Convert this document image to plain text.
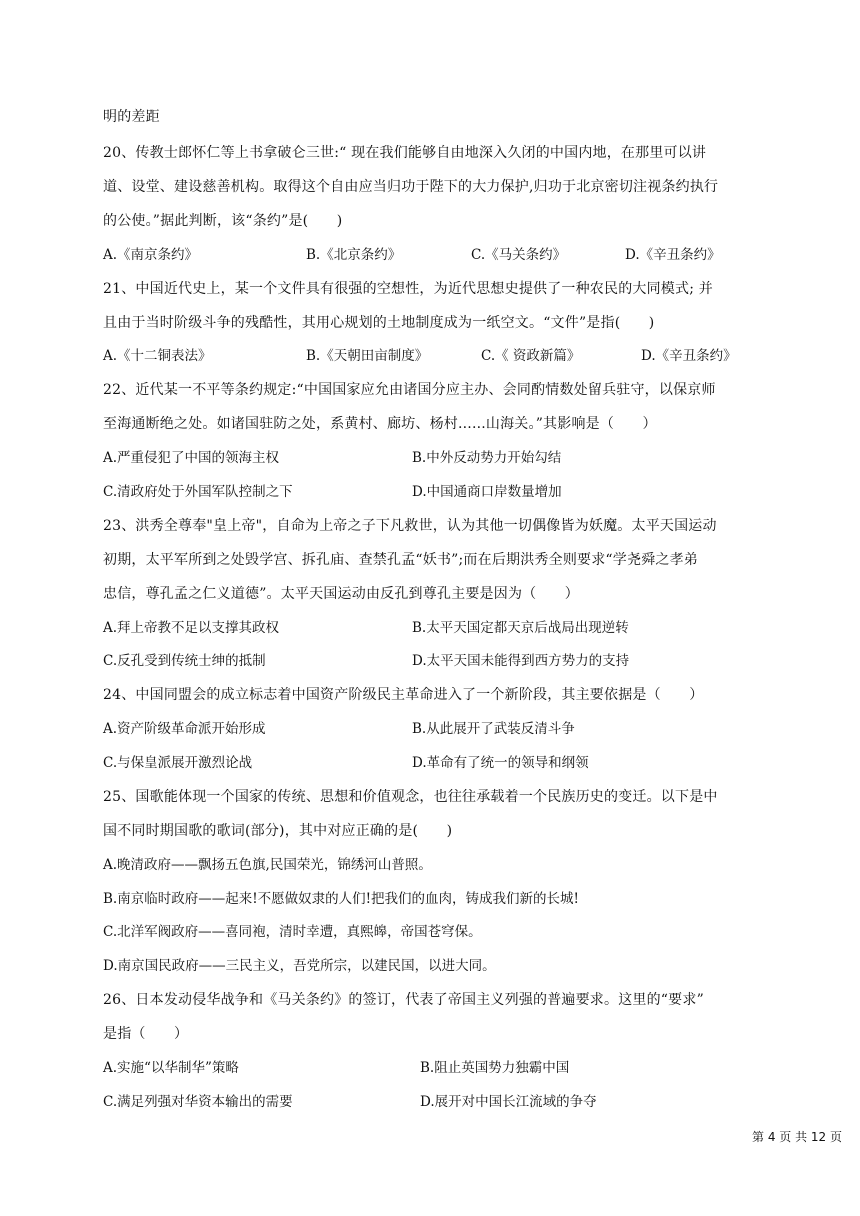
明的差距
20、传教士郎怀仁等上书拿破仑三世:“ 现在我们能够自由地深入久闭的中国内地，在那里可以讲
道、设堂、建设慈善机构。取得这个自由应当归功于陛下的大力保护,归功于北京密切注视条约执行
的公使。”据此判断，该“条约”是(　　)
A.《南京条约》	B.《北京条约》	C.《马关条约》	D.《辛丑条约》
21、中国近代史上，某一个文件具有很强的空想性，为近代思想史提供了一种农民的大同模式; 并
且由于当时阶级斗争的残酷性，其用心规划的土地制度成为一纸空文。“文件”是指(　　)
A.《十二铜表法》	B.《天朝田亩制度》	C.《 资政新篇》	D.《辛丑条约》
22、近代某一不平等条约规定:“中国国家应允由诸国分应主办、会同酌情数处留兵驻守，以保京师
至海通断绝之处。如诸国驻防之处，系黄村、廊坊、杨村......山海关。”其影响是（　　）
A.严重侵犯了中国的领海主权	B.中外反动势力开始勾结
C.清政府处于外国军队控制之下	D.中国通商口岸数量增加
23、洪秀全尊奉"皇上帝"，自命为上帝之子下凡救世，认为其他一切偶像皆为妖魔。太平天国运动
初期，太平军所到之处毁学宫、拆孔庙、查禁孔孟“妖书”;而在后期洪秀全则要求“学尧舜之孝弟
忠信，尊孔孟之仁义道德”。太平天国运动由反孔到尊孔主要是因为（　　）
A.拜上帝教不足以支撑其政权	B.太平天国定都天京后战局出现逆转
C.反孔受到传统士绅的抵制	D.太平天国未能得到西方势力的支持
24、中国同盟会的成立标志着中国资产阶级民主革命进入了一个新阶段，其主要依据是（　　）
A.资产阶级革命派开始形成	B.从此展开了武装反清斗争
C.与保皇派展开激烈论战	D.革命有了统一的领导和纲领
25、国歌能体现一个国家的传统、思想和价值观念，也往往承载着一个民族历史的变迁。以下是中
国不同时期国歌的歌词(部分)，其中对应正确的是(　　)
A.晚清政府——飘扬五色旗,民国荣光，锦绣河山普照。
B.南京临时政府——起来!不愿做奴隶的人们!把我们的血肉，铸成我们新的长城!
C.北洋军阀政府——喜同袍，清时幸遭，真熙皞，帝国苍穹保。
D.南京国民政府——三民主义，吾党所宗，以建民国，以进大同。
26、日本发动侵华战争和《马关条约》的签订，代表了帝国主义列强的普遍要求。这里的“要求”
是指（　　）
A.实施“以华制华”策略	B.阻止英国势力独霸中国
C.满足列强对华资本输出的需要	D.展开对中国长江流域的争夺
第 4 页 共 12 页
